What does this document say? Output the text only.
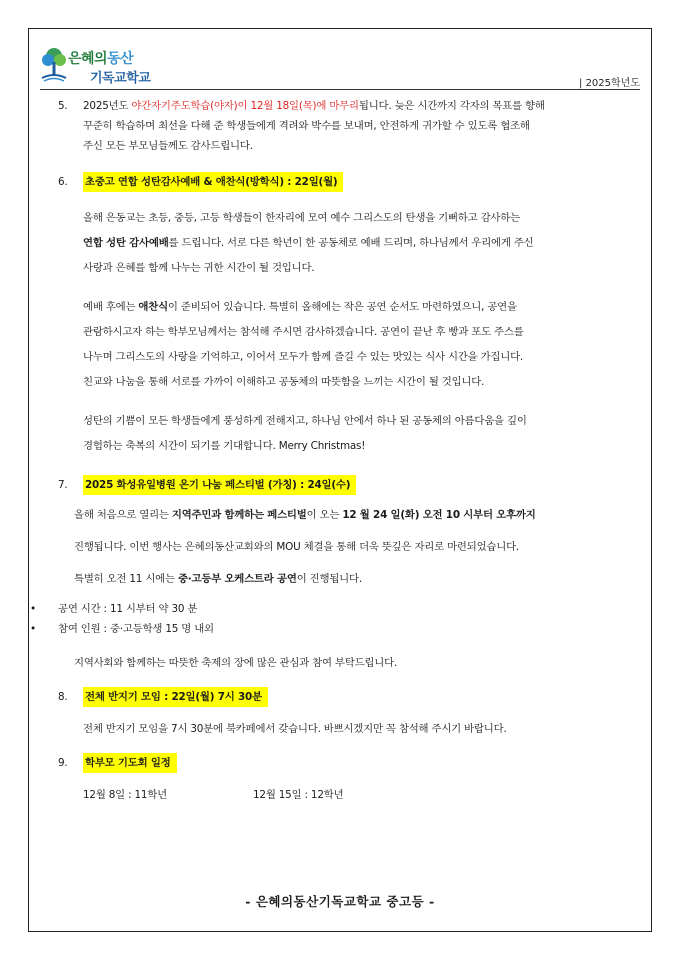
은혜의동산
기독교학교	| 2025학년도
5.	2025년도 야간자기주도학습(야자)이 12월 18일(목)에 마무리됩니다. 늦은 시간까지 각자의 목표를 향해

꾸준히 학습하며 최선을 다해 준 학생들에게 격려와 박수를 보내며, 안전하게 귀가할 수 있도록 협조해

주신 모든 부모님들께도 감사드립니다.

6.	초중고 연합 성탄감사예배 & 애찬식(방학식) : 22일(월)

올해 은동교는 초등, 중등, 고등 학생들이 한자리에 모여 예수 그리스도의 탄생을 기뻐하고 감사하는

연합 성탄 감사예배를 드립니다. 서로 다른 학년이 한 공동체로 예배 드리며, 하나님께서 우리에게 주신

사랑과 은혜를 함께 나누는 귀한 시간이 될 것입니다.

예배 후에는 애찬식이 준비되어 있습니다. 특별히 올해에는 작은 공연 순서도 마련하였으니, 공연을

관람하시고자 하는 학부모님께서는 참석해 주시면 감사하겠습니다. 공연이 끝난 후 빵과 포도 주스를

나누며 그리스도의 사랑을 기억하고, 이어서 모두가 함께 즐길 수 있는 맛있는 식사 시간을 가집니다.

친교와 나눔을 통해 서로를 가까이 이해하고 공동체의 따뜻함을 느끼는 시간이 될 것입니다.

성탄의 기쁨이 모든 학생들에게 풍성하게 전해지고, 하나님 안에서 하나 된 공동체의 아름다움을 깊이

경험하는 축복의 시간이 되기를 기대합니다. Merry Christmas!

7.	2025 화성유일병원 온기 나눔 페스티벌 (가칭) : 24일(수)

올해 처음으로 열리는 지역주민과 함께하는 페스티벌이 오는 12 월 24 일(화) 오전 10 시부터 오후까지

진행됩니다. 이번 행사는 은혜의동산교회와의 MOU 체결을 통해 더욱 뜻깊은 자리로 마련되었습니다.

특별히 오전 11 시에는 중·고등부 오케스트라 공연이 진행됩니다.

• 공연 시간 : 11 시부터 약 30 분
• 참여 인원 : 중·고등학생 15 명 내외

지역사회와 함께하는 따뜻한 축제의 장에 많은 관심과 참여 부탁드립니다.

8.	전체 반지기 모임 : 22일(월) 7시 30분

전체 반지기 모임을 7시 30분에 북카페에서 갖습니다. 바쁘시겠지만 꼭 참석해 주시기 바랍니다.

9.	학부모 기도회 일정
12월 8일 : 11학년	12월 15일 : 12학년
- 은혜의동산기독교학교 중고등 -
